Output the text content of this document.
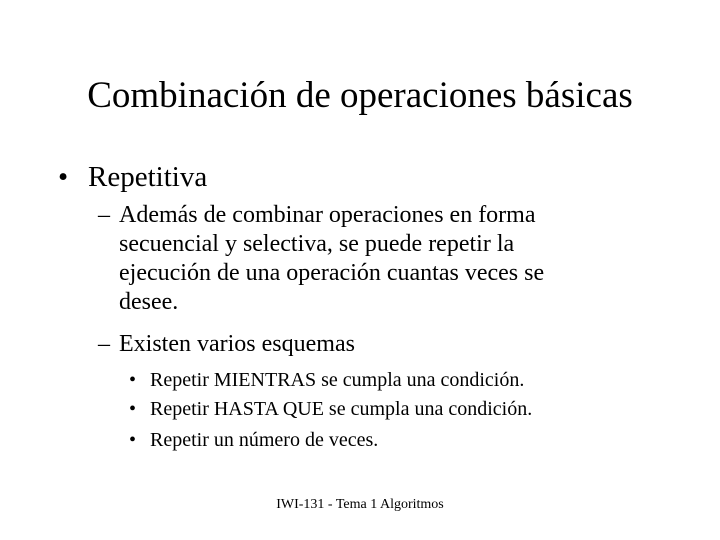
Combinación de operaciones básicas
• Repetitiva
– Además de combinar operaciones en forma
secuencial y selectiva, se puede repetir la
ejecución de una operación cuantas veces se
desee.
– Existen varios esquemas
• Repetir MIENTRAS se cumpla una condición.
• Repetir HASTA QUE se cumpla una condición.
• Repetir un número de veces.
IWI-131 - Tema 1 Algoritmos
